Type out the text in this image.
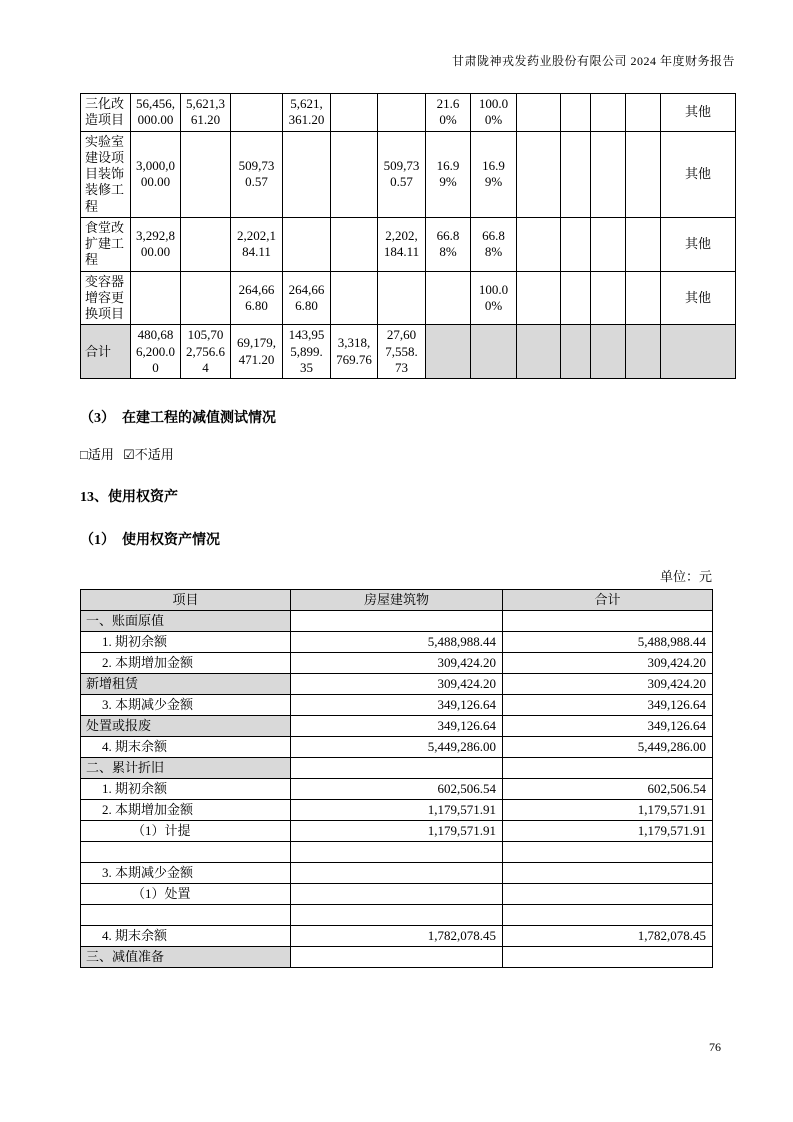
甘肃陇神戎发药业股份有限公司 2024 年度财务报告
三化改造项目	56,456,000.00	5,621,361.20		5,621,361.20			21.60%	100.00%					其他
实验室建设项目装饰装修工程	3,000,000.00		509,730.57			509,730.57	16.99%	16.99%					其他
食堂改扩建工程	3,292,800.00		2,202,184.11			2,202,184.11	66.88%	66.88%					其他
变容器增容更换项目			264,666.80	264,666.80				100.00%					其他
合计	480,686,200.00	105,702,756.64	69,179,471.20	143,955,899.35	3,318,769.76	27,607,558.73							
（3）　在建工程的减值测试情况
□适用 ☑不适用
13、使用权资产
（1）　使用权资产情况
单位：元
项目	房屋建筑物	合计
一、账面原值		
1. 期初余额	5,488,988.44	5,488,988.44
2. 本期增加金额	309,424.20	309,424.20
新增租赁	309,424.20	309,424.20
3. 本期减少金额	349,126.64	349,126.64
处置或报废	349,126.64	349,126.64
4. 期末余额	5,449,286.00	5,449,286.00
二、累计折旧		
1. 期初余额	602,506.54	602,506.54
2. 本期增加金额	1,179,571.91	1,179,571.91
（1）计提	1,179,571.91	1,179,571.91

3. 本期减少金额		
（1）处置		

4. 期末余额	1,782,078.45	1,782,078.45
三、减值准备		
76
